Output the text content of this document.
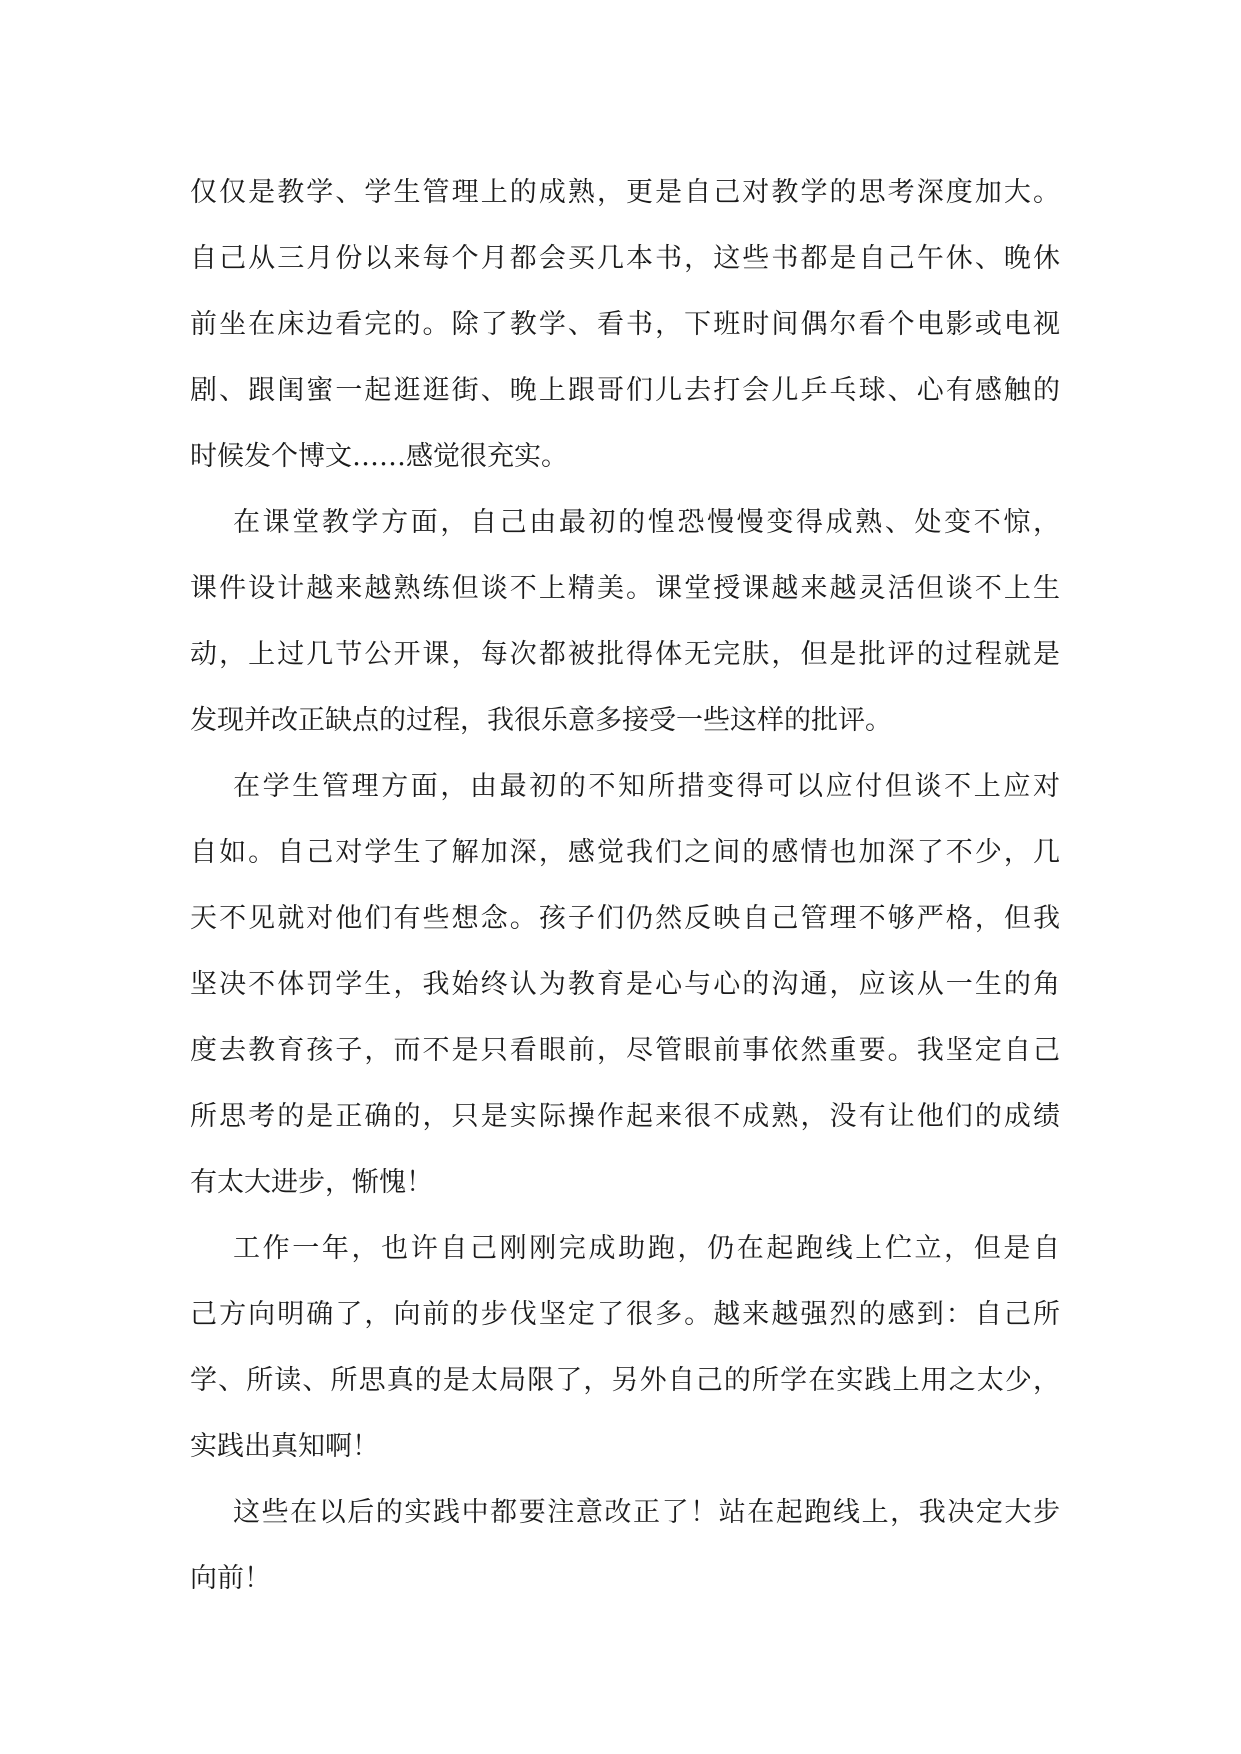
仅仅是教学、学生管理上的成熟，更是自己对教学的思考深度加大。
自己从三月份以来每个月都会买几本书，这些书都是自己午休、晚休
前坐在床边看完的。除了教学、看书，下班时间偶尔看个电影或电视
剧、跟闺蜜一起逛逛街、晚上跟哥们儿去打会儿乒乓球、心有感触的
时候发个博文……感觉很充实。
在课堂教学方面，自己由最初的惶恐慢慢变得成熟、处变不惊，
课件设计越来越熟练但谈不上精美。课堂授课越来越灵活但谈不上生
动，上过几节公开课，每次都被批得体无完肤，但是批评的过程就是
发现并改正缺点的过程，我很乐意多接受一些这样的批评。
在学生管理方面，由最初的不知所措变得可以应付但谈不上应对
自如。自己对学生了解加深，感觉我们之间的感情也加深了不少，几
天不见就对他们有些想念。孩子们仍然反映自己管理不够严格，但我
坚决不体罚学生，我始终认为教育是心与心的沟通，应该从一生的角
度去教育孩子，而不是只看眼前，尽管眼前事依然重要。我坚定自己
所思考的是正确的，只是实际操作起来很不成熟，没有让他们的成绩
有太大进步，惭愧！
工作一年，也许自己刚刚完成助跑，仍在起跑线上伫立，但是自
己方向明确了，向前的步伐坚定了很多。越来越强烈的感到：自己所
学、所读、所思真的是太局限了，另外自己的所学在实践上用之太少，
实践出真知啊！
这些在以后的实践中都要注意改正了！站在起跑线上，我决定大步
向前！
